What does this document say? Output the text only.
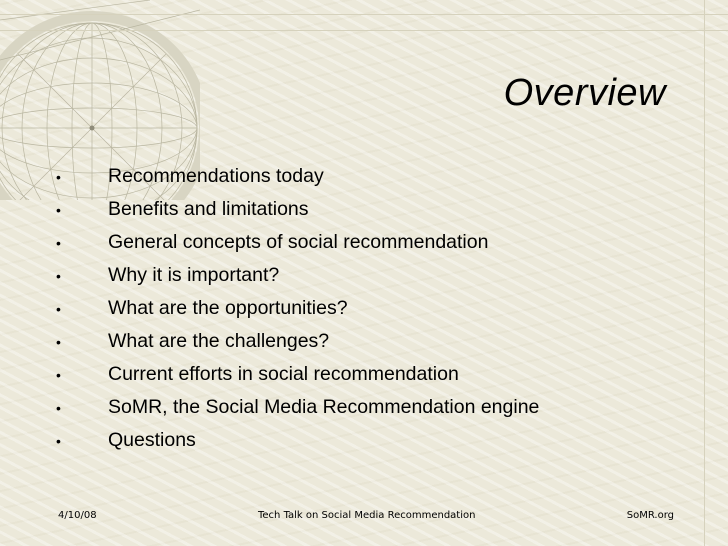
Overview
•	Recommendations today
•	Benefits and limitations
•	General concepts of social recommendation
•	Why it is important?
•	What are the opportunities?
•	What are the challenges?
•	Current efforts in social recommendation
•	SoMR, the Social Media Recommendation engine
•	Questions
4/10/08	Tech Talk on Social Media Recommendation	SoMR.org
